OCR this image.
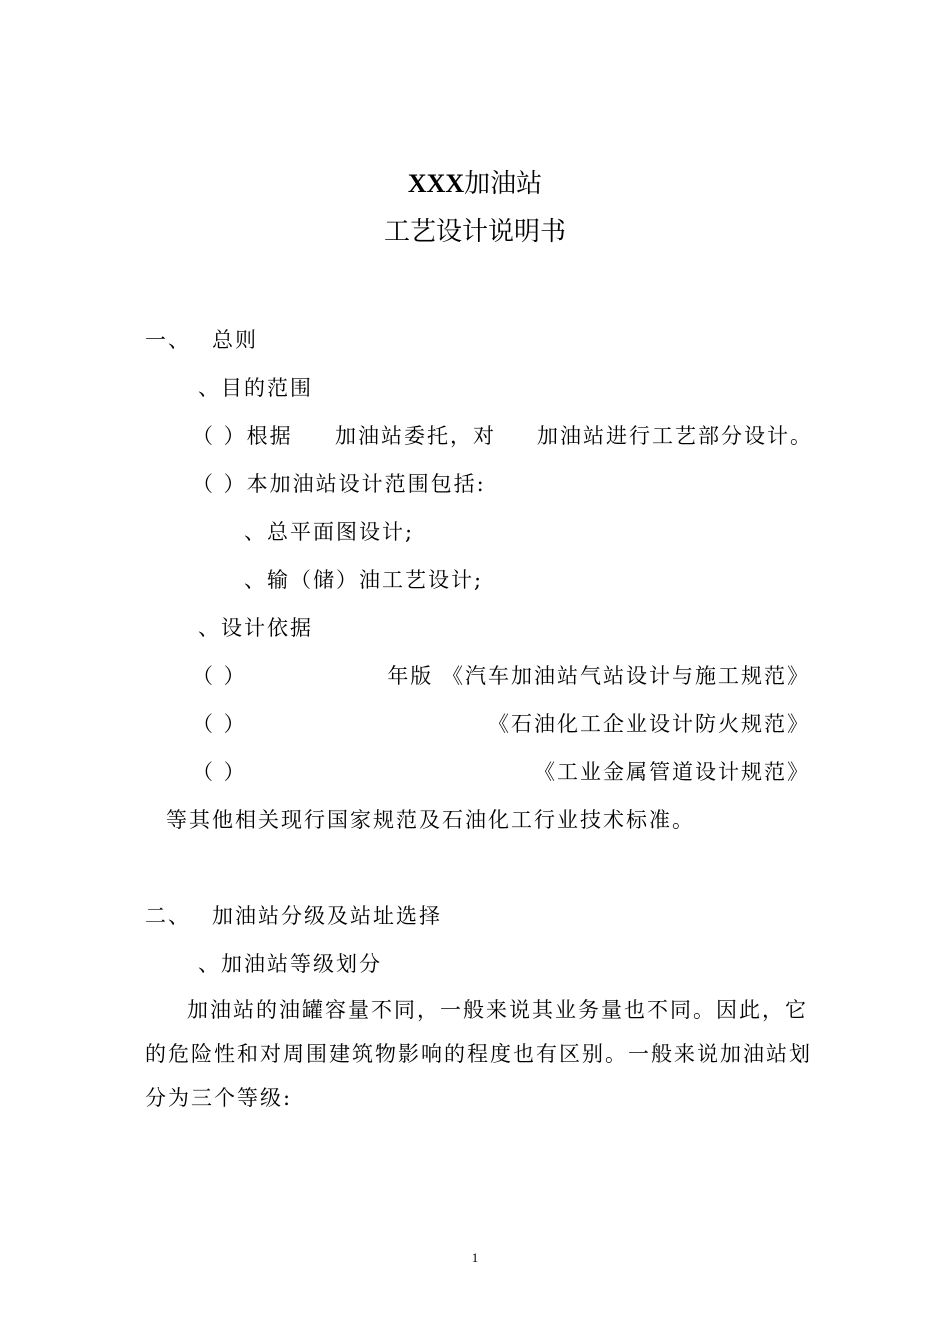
XXX加油站
工艺设计说明书
一、 总则
、目的范围
（ ）根据 加油站委托，对 加油站进行工艺部分设计。
（ ）本加油站设计范围包括:
、总平面图设计;
、输（储）油工艺设计;
、设计依据
（ ）	年版 《汽车加油站气站设计与施工规范》
（ ）	《石油化工企业设计防火规范》
（ ）	《工业金属管道设计规范》
等其他相关现行国家规范及石油化工行业技术标准。
二、 加油站分级及站址选择
、加油站等级划分

加油站的油罐容量不同，一般来说其业务量也不同。因此，它的危险性和对周围建筑物影响的程度也有区别。一般来说加油站划分为三个等级:

1
